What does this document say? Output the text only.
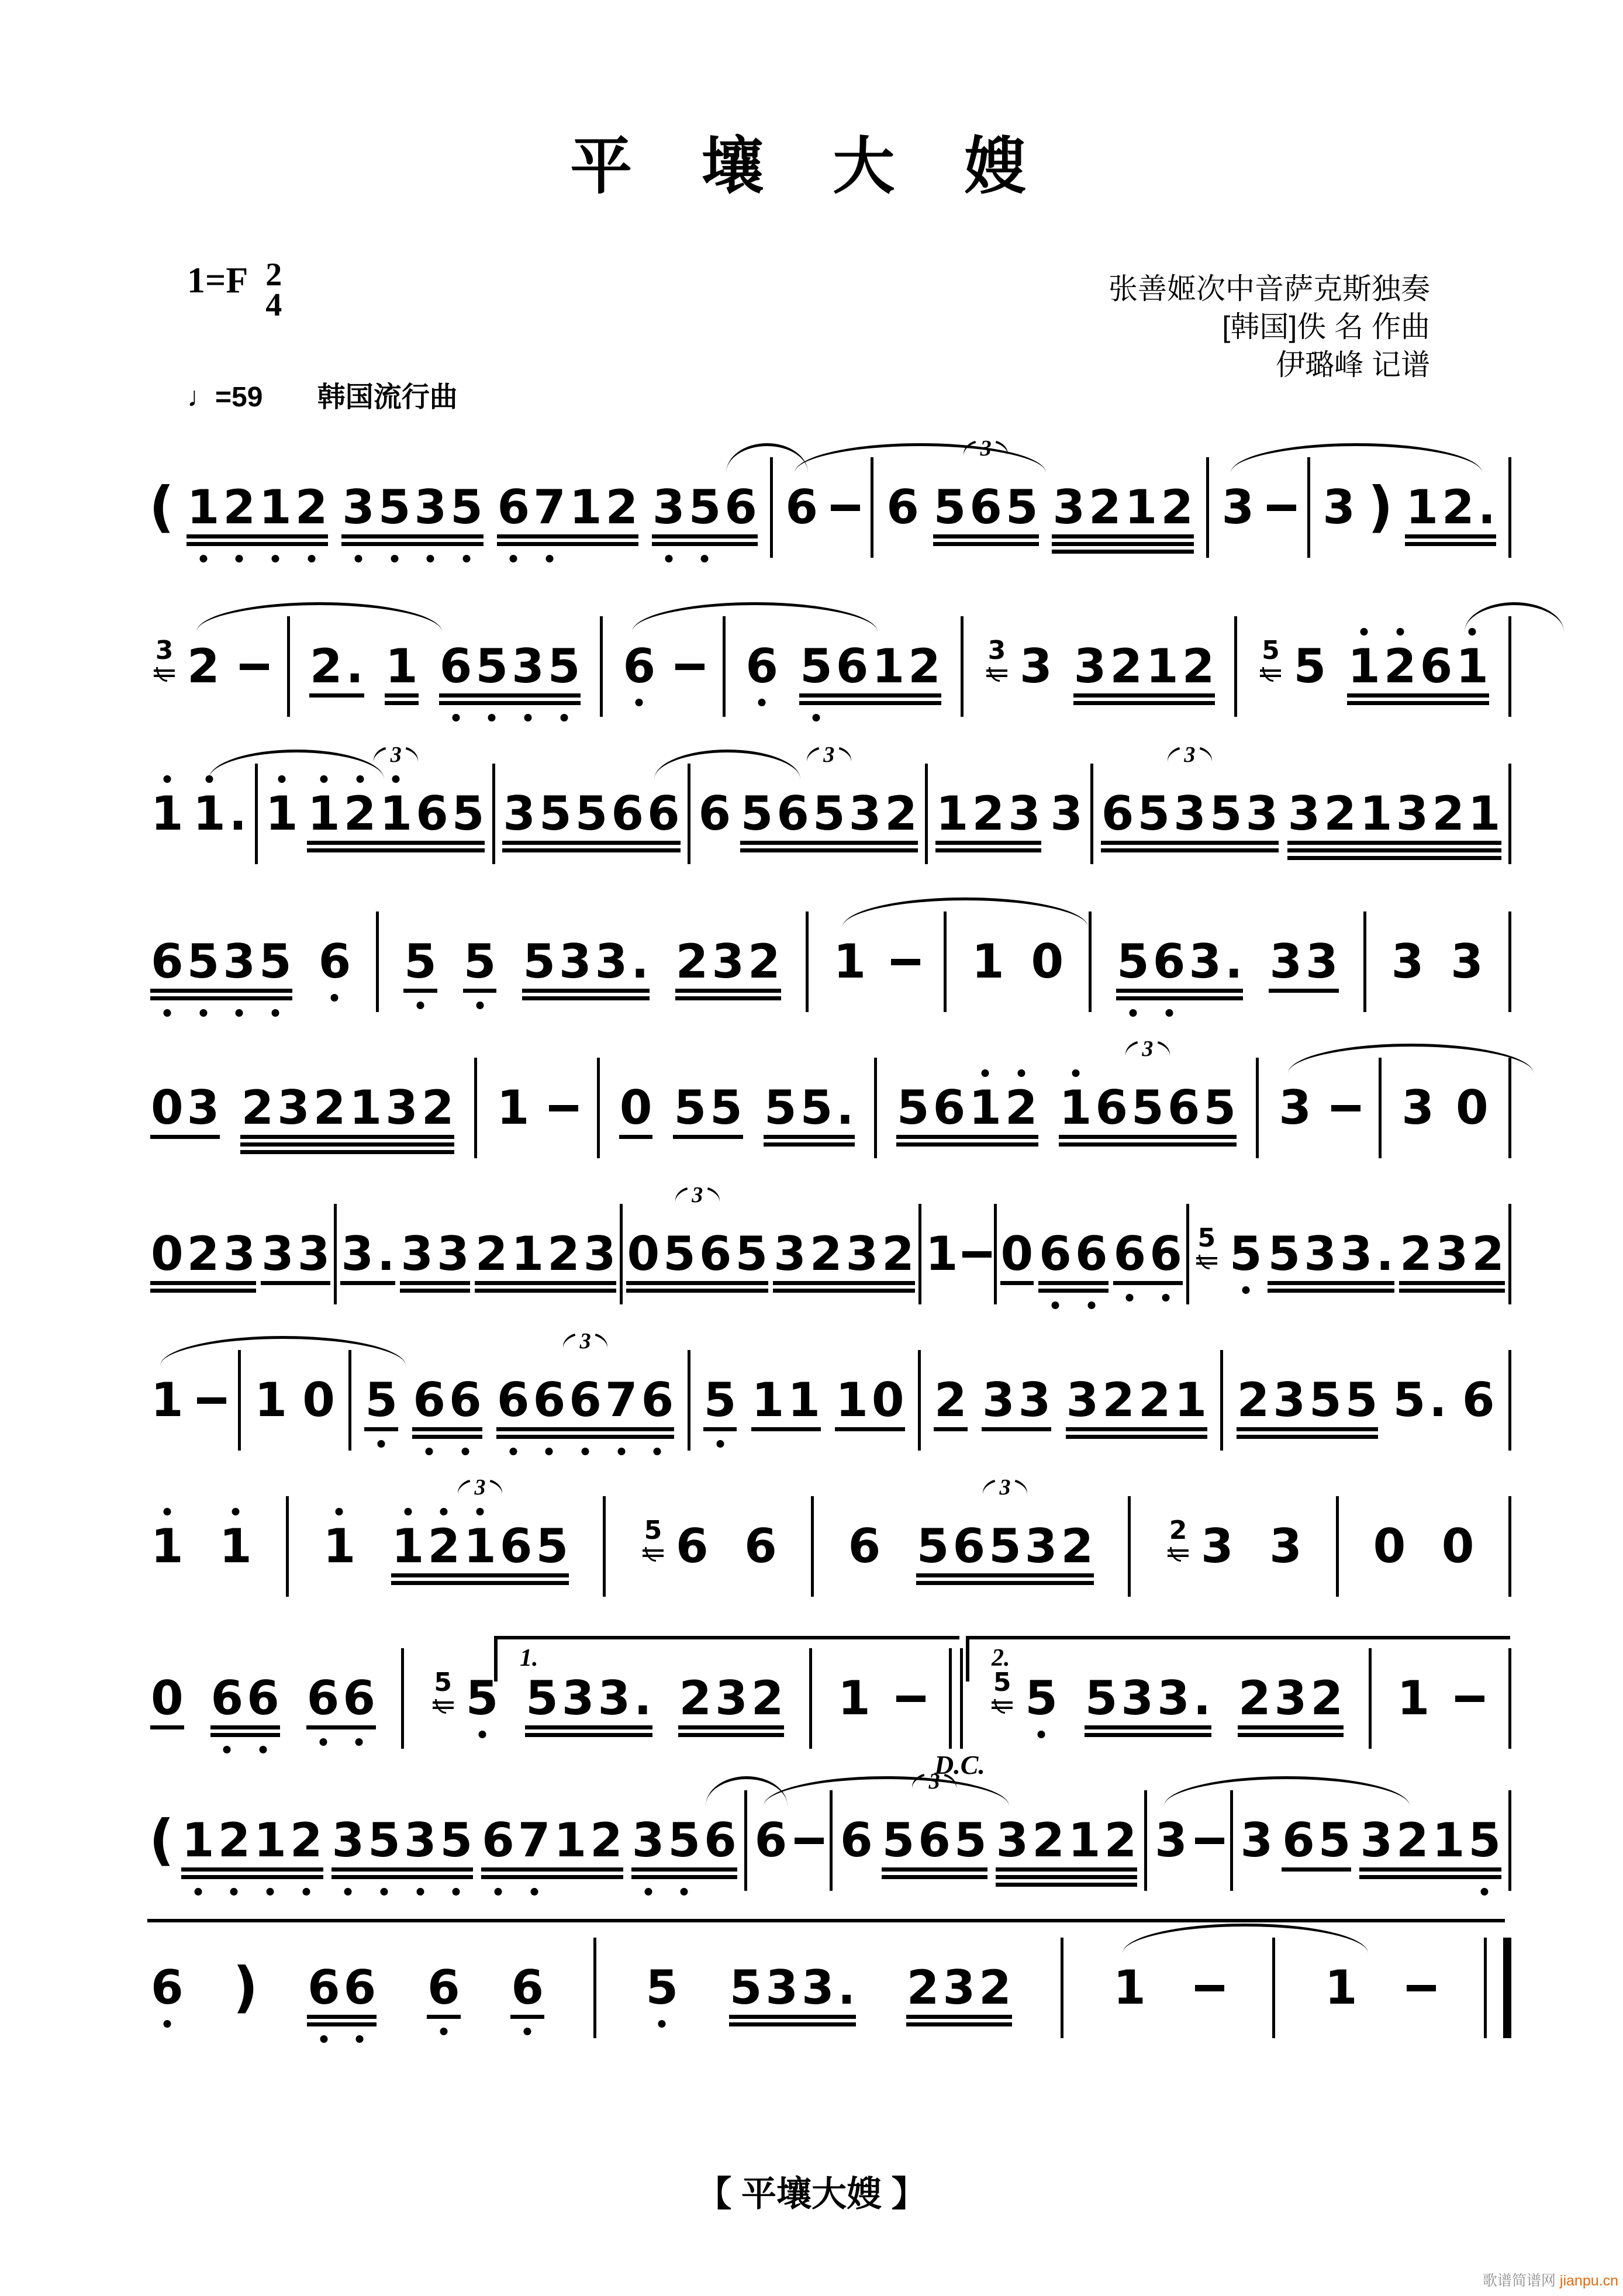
平 壤 大 嫂
1=F 2
4
♩=59 韩国流行曲
张善姬次中音萨克斯独奏
[韩国]佚 名 作曲
伊璐峰 记谱
( 1
2
1
2 3
5
3
5 6
7
12 3
5
6 6 6 565
3
3212 3 3 ) 12.
3 2 2. 1 6
5
3
5 6 6 5
612 3 3 3212 5 5 1
2
61
1 1
. 1 1
2
1
65
3
35566 6 56532
3
123 3 65353
3
321321
6
5
3
5 6 5 5 533. 232 1 1 0 5
6
3. 33 3 3
03 232132 1 0 55 55. 561
2 1
6565
3
3 3 0
023 33 3. 33 2123 0565
3
3232 1 0 6
6 6
6 5 5 533. 232
1 1 0 5 6
6 6
6
6
7
6
3
5 11 10 2 33 3221 2355 5. 6
1 1 1 1
2
1
65
3
5 6 6 6 56532
3
2 3 3 0 0
0 6
6 6
6 5 5 533. 232 1	5 5 533. 232 1
( 1
2
1
2 3
5
3
5 6
7
12 3
5
6 6 6 565
3
3212 3 3 65 3215
6 ) 6
6 6 6 5 533. 232 1	1
1.	2.
D.C.
【 平壤大嫂 】
歌谱简谱网 jianpu.cn
